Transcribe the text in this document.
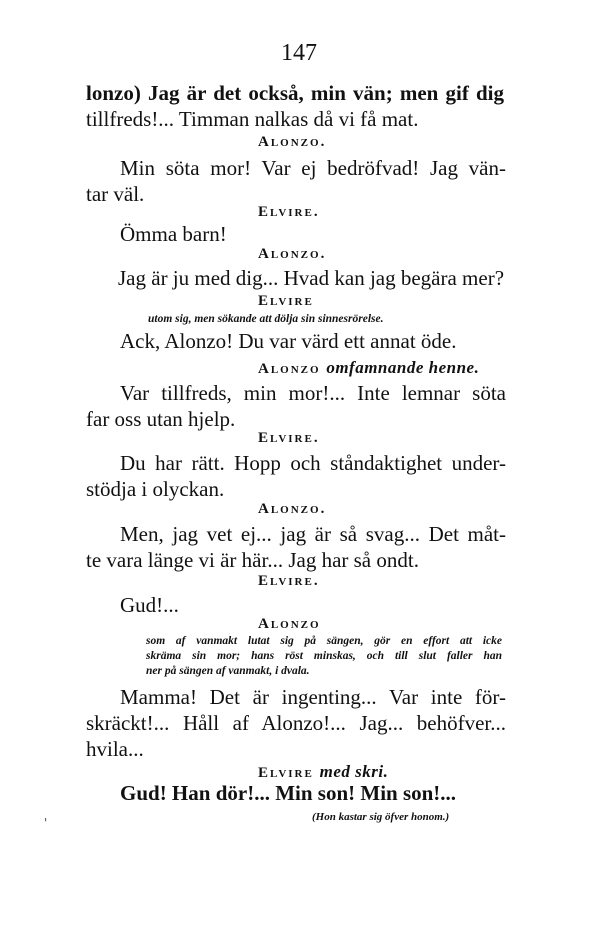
147
lonzo) Jag är det också, min vän; men gif dig
tillfreds!... Timman nalkas då vi få mat.
Alonzo.
Min söta mor! Var ej bedröfvad! Jag vän-
tar väl.
Elvire.
Ömma barn!
Alonzo.
Jag är ju med dig... Hvad kan jag begära mer?
Elvire
utom sig, men sökande att dölja sin sinnesrörelse.
Ack, Alonzo! Du var värd ett annat öde.
Alonzo omfamnande henne.
Var tillfreds, min mor!... Inte lemnar söta
far oss utan hjelp.
Elvire.
Du har rätt. Hopp och ståndaktighet under-
stödja i olyckan.
Alonzo.
Men, jag vet ej... jag är så svag... Det måt-
te vara länge vi är här... Jag har så ondt.
Elvire.
Gud!...
Alonzo
som af vanmakt lutat sig på sängen, gör en effort att icke
skräma sin mor; hans röst minskas, och till slut faller han
ner på sängen af vanmakt, i dvala.
Mamma! Det är ingenting... Var inte för-
skräckt!... Håll af Alonzo!... Jag... behöfver...
hvila...
Elvire med skri.
Gud! Han dör!... Min son! Min son!...
(Hon kastar sig öfver honom.)
'
